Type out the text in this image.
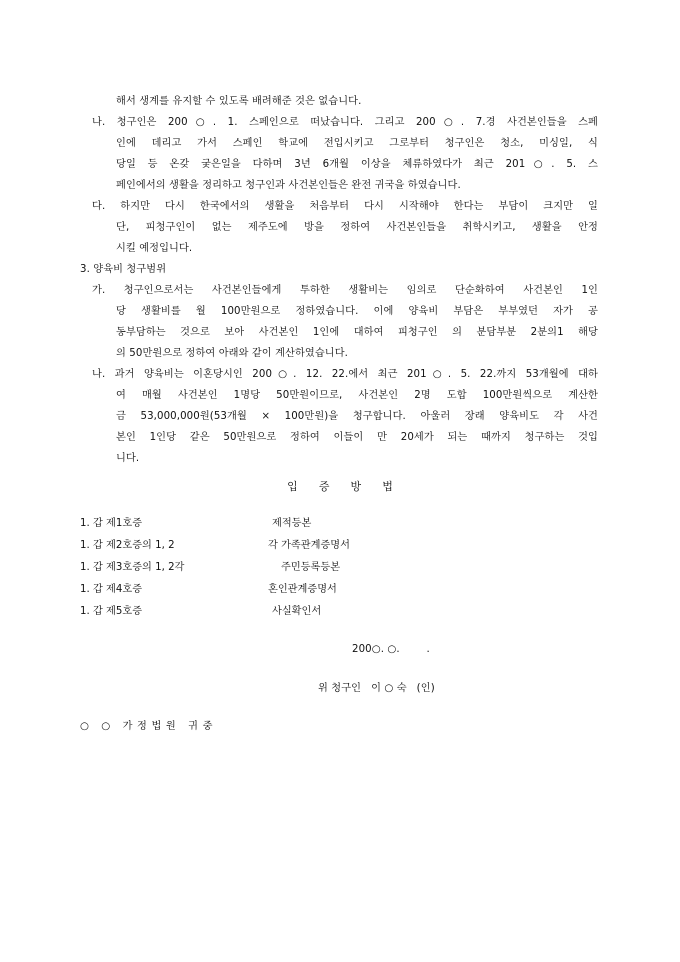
해서 생계를 유지할 수 있도록 배려해준 것은 없습니다.
나. 청구인은 200○. 1. 스페인으로 떠났습니다. 그리고 200○. 7.경 사건본인들을 스페
인에 데리고 가서 스페인 학교에 전입시키고 그로부터 청구인은 청소, 미싱일, 식
당일 등 온갖 궂은일을 다하며 3년 6개월 이상을 체류하였다가 최근 201○. 5. 스
페인에서의 생활을 정리하고 청구인과 사건본인들은 완전 귀국을 하였습니다.
다. 하지만 다시 한국에서의 생활을 처음부터 다시 시작해야 한다는 부담이 크지만 일
단, 피청구인이 없는 제주도에 방을 정하여 사건본인들을 취학시키고, 생활을 안정
시킬 예정입니다.
3. 양육비 청구범위
가. 청구인으로서는 사건본인들에게 투하한 생활비는 임의로 단순화하여 사건본인 1인
당 생활비를 월 100만원으로 정하였습니다. 이에 양육비 부담은 부부였던 자가 공
동부담하는 것으로 보아 사건본인 1인에 대하여 피청구인 의 분담부분 2분의1 해당
의 50만원으로 정하여 아래와 같이 계산하였습니다.
나. 과거 양육비는 이혼당시인 200○. 12. 22.에서 최근 201○. 5. 22.까지 53개월에 대하
여 매월 사건본인 1명당 50만원이므로, 사건본인 2명 도합 100만원씩으로 계산한
금 53,000,000원(53개월 × 100만원)을 청구합니다. 아울러 장래 양육비도 각 사건
본인 1인당 같은 50만원으로 정하여 이들이 만 20세가 되는 때까지 청구하는 것입
니다.
입 증 방 법
1. 갑 제1호증	제적등본
1. 갑 제2호증의 1, 2	각 가족관계증명서
1. 갑 제3호증의 1, 2각	주민등록등본
1. 갑 제4호증	혼인관계증명서
1. 갑 제5호증	사실확인서
200○. ○.        .
위 청구인   이 ○ 숙   (인)
○ ○ 가정법원 귀중
